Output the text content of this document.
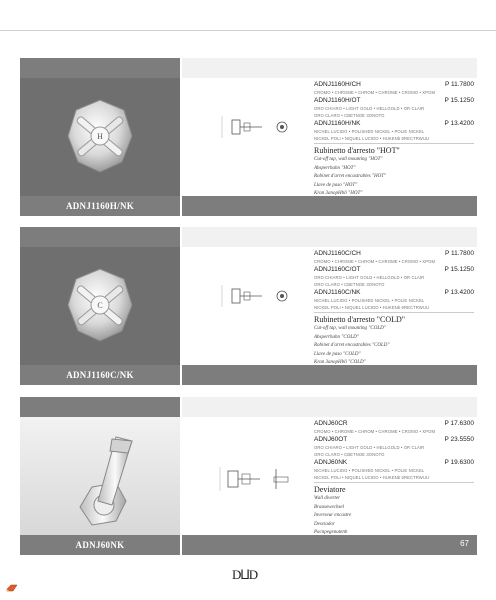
H
ADNJ1160H/NK
ADNJ1160H/CH	P 11.7800
CROMO • CHROME • CHROM • CHROME • CROMO • XPOM
ADNJ1160H/OT	P 15.1250
ORO CHIARO • LIGHT GOLD • HELLGOLD • OR CLAIR
ORO CLARO • CBETNOE 3ONOTO
ADNJ1160H/NK	P 13.4200
NICHEL LUCIDO • POLISHED NICKEL • POLIE NICKEL
NICKEL POLI • NIQUEL LUCIDO • HUKENb 6RECTRWUU
Rubinetto d'arresto "HOT"
Cut-off tap, wall mounting "HOT"
Absperrhahn "HOT"
Robinet d'arret encastrables "HOT"
Llave de paso "HOT"
Kran 3anopHbli "HOT"
C
ADNJ1160C/NK
ADNJ1160C/CH	P 11.7800
CROMO • CHROME • CHROM • CHROME • CROMO • XPOM
ADNJ1160C/OT	P 15.1250
ORO CHIARO • LIGHT GOLD • HELLGOLD • OR CLAIR
ORO CLARO • CBETNOE 3ONOTO
ADNJ1160C/NK	P 13.4200
NICHEL LUCIDO • POLISHED NICKEL • POLIE NICKEL
NICKEL POLI • NIQUEL LUCIDO • HUKENb 6RECTRWUU
Rubinetto d'arresto "COLD"
Cut-off tap, wall mounting "COLD"
Absperrhahn "COLD"
Robinet d'arret encastrables "COLD"
Llave de paso "COLD"
Kran 3anopHbli "COLD"
ADNJ60NK
ADNJ60CR	P 17.6300
CROMO • CHROME • CHROM • CHROME • CROMO • XPOM
ADNJ60OT	P 23.5550
ORO CHIARO • LIGHT GOLD • HELLGOLD • OR CLAIR
ORO CLARO • CBETNOE 3ONOTO
ADNJ60NK	P 19.6300
NICHEL LUCIDO • POLISHED NICKEL • POLIE NICKEL
NICKEL POLI • NIQUEL LUCIDO • HUKENb 6RECTRWUU
Deviatore
Wall diverter
Brausewechsel
Inverseur encastre
Desviador
Pacnpegenutenb
67
D⨿D
